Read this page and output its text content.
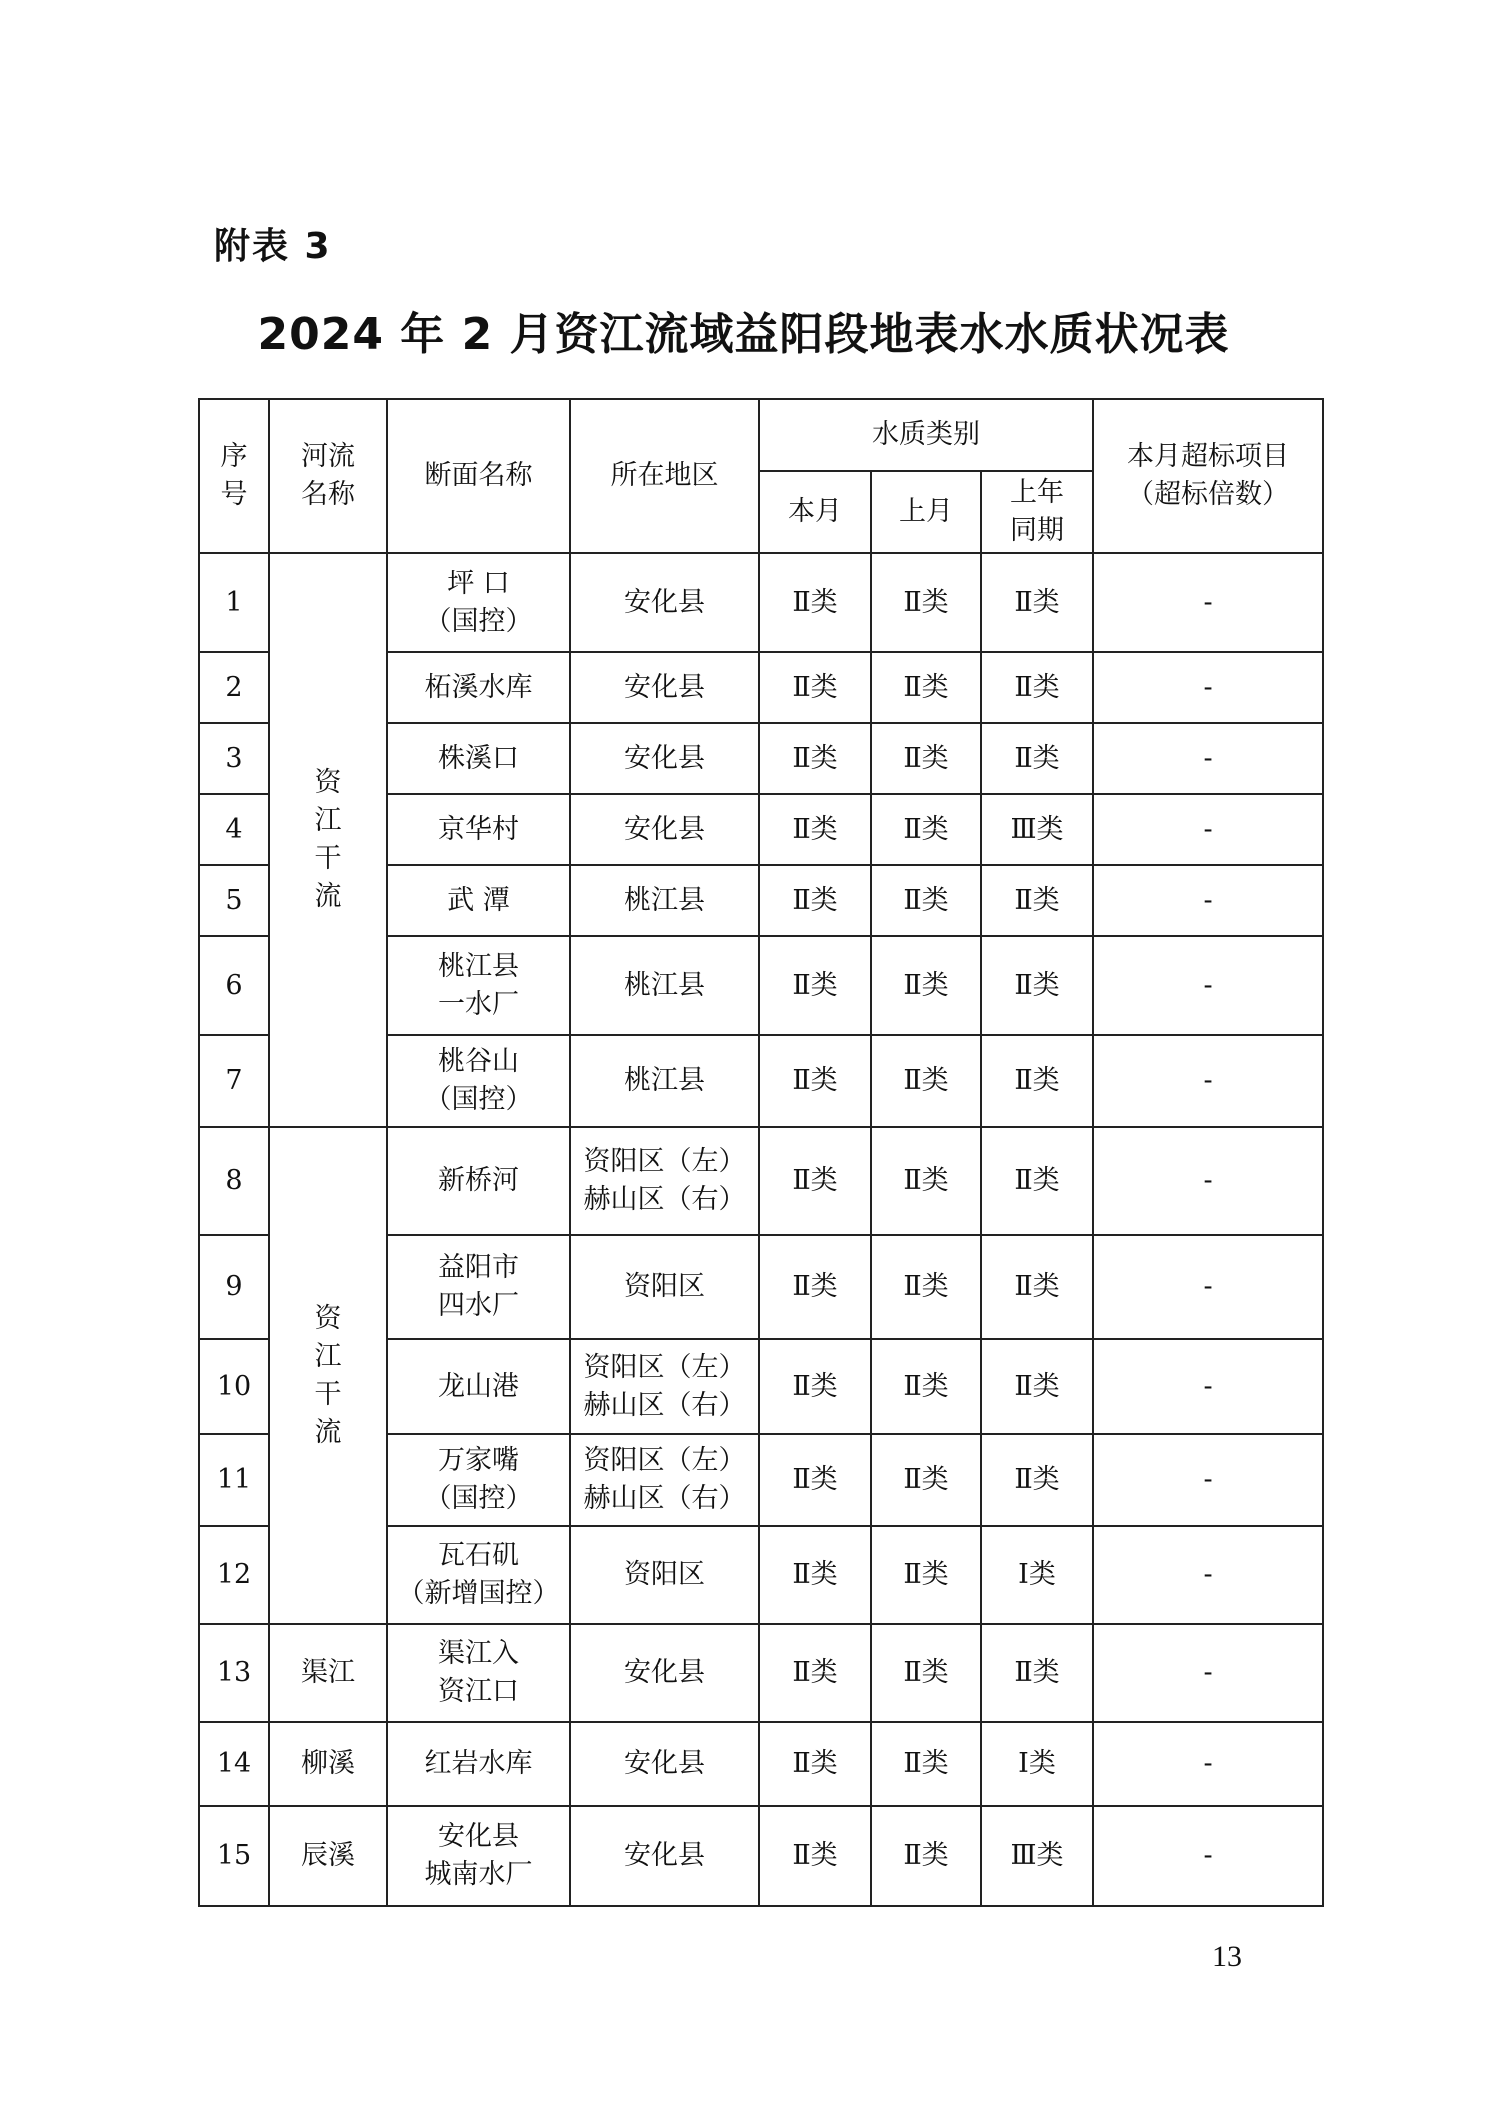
附表 3
2024 年 2 月资江流域益阳段地表水水质状况表
序
号	河流
名称	断面名称	所在地区	水质类别			本月超标项目
（超标倍数）
				本月	上月	上年
同期	
1	资
江
干
流	坪 口
（国控）	安化县	Ⅱ类	Ⅱ类	Ⅱ类	-
2		柘溪水库	安化县	Ⅱ类	Ⅱ类	Ⅱ类	-
3		株溪口	安化县	Ⅱ类	Ⅱ类	Ⅱ类	-
4		京华村	安化县	Ⅱ类	Ⅱ类	Ⅲ类	-
5		武 潭	桃江县	Ⅱ类	Ⅱ类	Ⅱ类	-
6		桃江县
一水厂	桃江县	Ⅱ类	Ⅱ类	Ⅱ类	-
7		桃谷山
（国控）	桃江县	Ⅱ类	Ⅱ类	Ⅱ类	-
8	资
江
干
流	新桥河	资阳区（左）
赫山区（右）	Ⅱ类	Ⅱ类	Ⅱ类	-
9		益阳市
四水厂	资阳区	Ⅱ类	Ⅱ类	Ⅱ类	-
10		龙山港	资阳区（左）
赫山区（右）	Ⅱ类	Ⅱ类	Ⅱ类	-
11		万家嘴
（国控）	资阳区（左）
赫山区（右）	Ⅱ类	Ⅱ类	Ⅱ类	-
12		瓦石矶
（新增国控）	资阳区	Ⅱ类	Ⅱ类	Ⅰ类	-
13	渠江	渠江入
资江口	安化县	Ⅱ类	Ⅱ类	Ⅱ类	-
14	柳溪	红岩水库	安化县	Ⅱ类	Ⅱ类	Ⅰ类	-
15	辰溪	安化县
城南水厂	安化县	Ⅱ类	Ⅱ类	Ⅲ类	-
13
